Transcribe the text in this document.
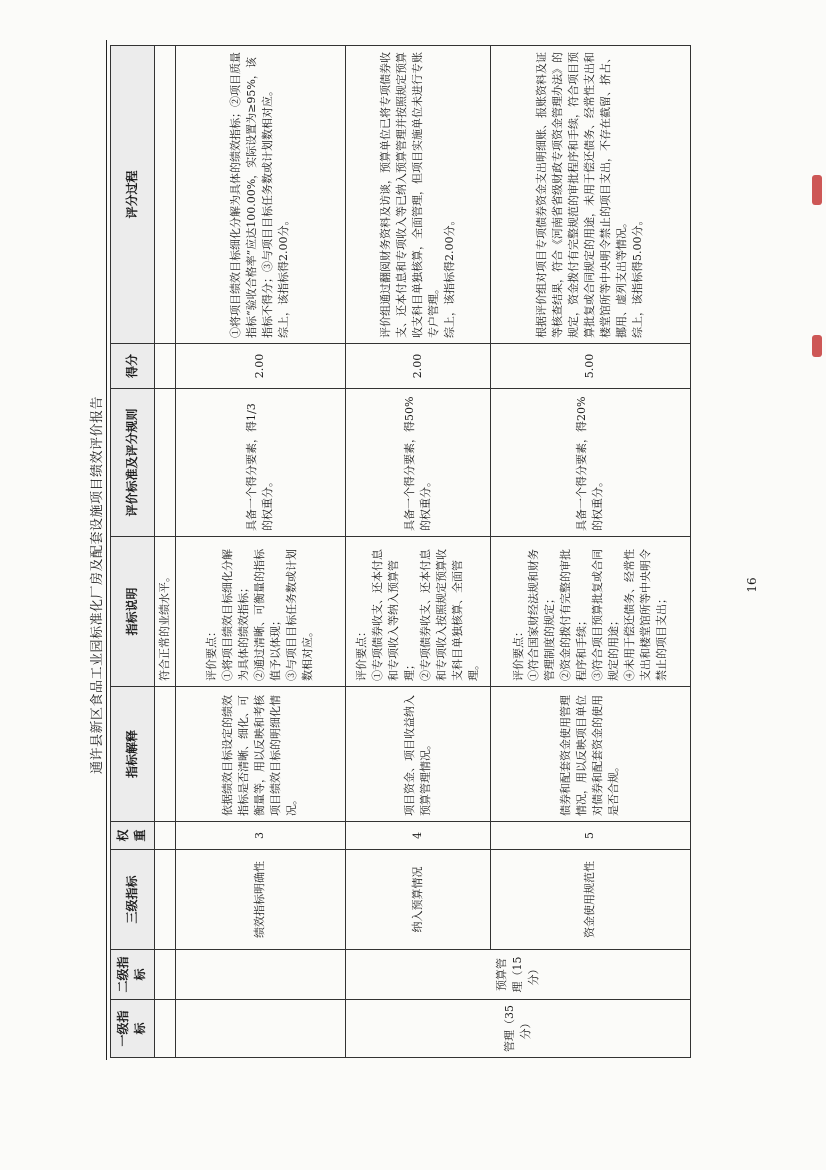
通许县新区食品工业园标准化厂房及配套设施项目绩效评价报告
一级指标	二级指标	三级指标	权重	指标解释	指标说明	评价标准及评分规则	得分	评分过程
					符合正常的业绩水平。			
		绩效指标明确性	3	依据绩效目标设定的绩效指标是否清晰、细化、可衡量等，用以反映和考核项目绩效目标的明细化情况。	评价要点：
①将项目绩效目标细化分解为具体的绩效指标；
②通过清晰、可衡量的指标值予以体现；
③与项目目标任务数或计划数相对应。	具备一个得分要素，得1/3的权重分。	2.00	①将项目绩效目标细化分解为具体的绩效指标；②项目质量指标“验收合格率”应达100.00%，实际设置为≥95%，该指标不得分；③与项目目标任务数或计划数相对应。
综上，该指标得2.00分。
管理（35分）	预算管理（15分）	纳入预算情况	4	项目资金、项目收益纳入预算管理情况。	评价要点：
①专项债券收支、还本付息和专项收入等纳入预算管理；
②专项债券收支、还本付息和专项收入按照规定预算收支科目单独核算、全面管理。	具备一个得分要素，得50%的权重分。	2.00	评价组通过翻阅财务资料及访谈，预算单位已将专项债券收支、还本付息和专项收入等已纳入预算管理并按照规定预算收支科目单独核算，全面管理，但项目实施单位未进行专账专户管理。
综上，该指标得2.00分。
		资金使用规范性	5	债券和配套资金使用管理情况，用以反映项目单位对债券和配套资金的使用是否合规。	评价要点：
①符合国家财经法规和财务管理制度的规定；
②资金的拨付有完整的审批程序和手续；
③符合项目预算批复或合同规定的用途；
④未用于偿还债务、经常性支出和楼堂馆所等中央明令禁止的项目支出；	具备一个得分要素，得20%的权重分。	5.00	根据评价组对项目专项债券资金支出明细账、报账资料及证等核查结果，符合《河南省省级财政专项资金管理办法》的规定，资金拨付有完整规范的审批程序和手续，符合项目预算批复或合同规定的用途，未用于偿还债务、经常性支出和楼堂馆所等中央明令禁止的项目支出，不存在截留、挤占、挪用、虚列支出等情况。
综上，该指标得5.00分。
16
